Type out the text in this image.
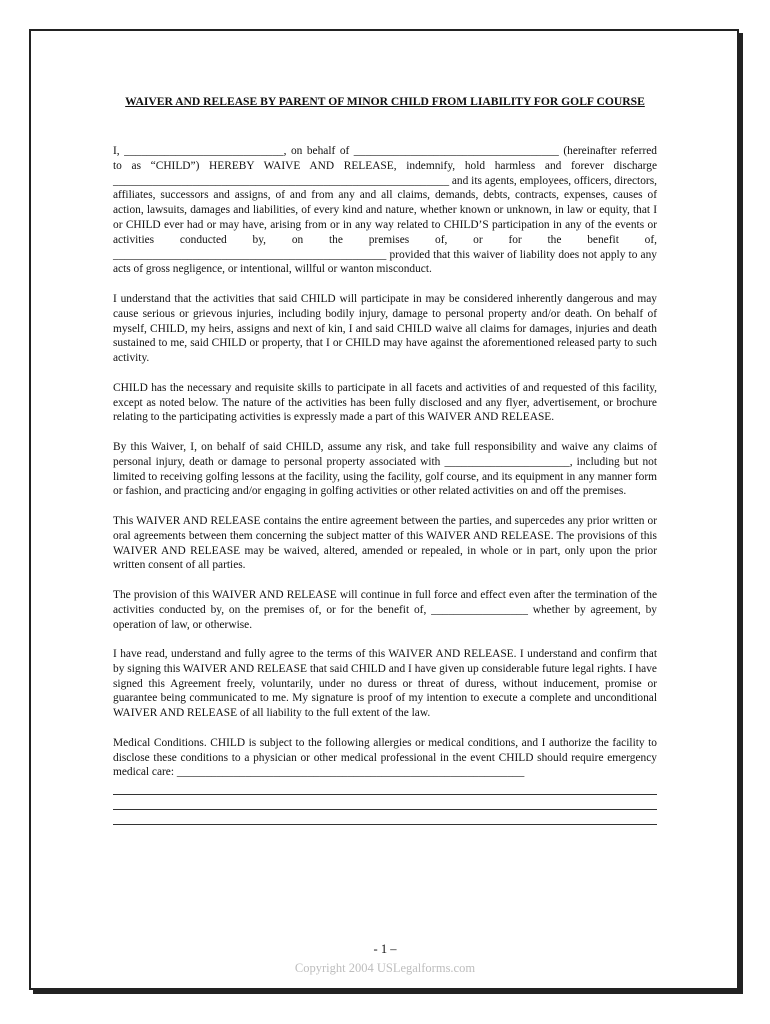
WAIVER AND RELEASE BY PARENT OF MINOR CHILD FROM LIABILITY FOR GOLF COURSE

I, ____________________________, on behalf of ____________________________________ (hereinafter referred to as “CHILD”) HEREBY WAIVE AND RELEASE, indemnify, hold harmless and forever discharge ___________________________________________________________ and its agents, employees, officers, directors, affiliates, successors and assigns, of and from any and all claims, demands, debts, contracts, expenses, causes of action, lawsuits, damages and liabilities, of every kind and nature, whether known or unknown, in law or equity, that I or CHILD ever had or may have, arising from or in any way related to CHILD’S participation in any of the events or activities conducted by, on the premises of, or for the benefit of, ________________________________________________ provided that this waiver of liability does not apply to any acts of gross negligence, or intentional, willful or wanton misconduct.

I understand that the activities that said CHILD will participate in may be considered inherently dangerous and may cause serious or grievous injuries, including bodily injury, damage to personal property and/or death. On behalf of myself, CHILD, my heirs, assigns and next of kin, I and said CHILD waive all claims for damages, injuries and death sustained to me, said CHILD or property, that I or CHILD may have against the aforementioned released party to such activity.

CHILD has the necessary and requisite skills to participate in all facets and activities of and requested of this facility, except as noted below. The nature of the activities has been fully disclosed and any flyer, advertisement, or brochure relating to the participating activities is expressly made a part of this WAIVER AND RELEASE.

By this Waiver, I, on behalf of said CHILD, assume any risk, and take full responsibility and waive any claims of personal injury, death or damage to personal property associated with ______________________, including but not limited to receiving golfing lessons at the facility, using the facility, golf course, and its equipment in any manner form or fashion, and practicing and/or engaging in golfing activities or other related activities on and off the premises.

This WAIVER AND RELEASE contains the entire agreement between the parties, and supercedes any prior written or oral agreements between them concerning the subject matter of this WAIVER AND RELEASE. The provisions of this WAIVER AND RELEASE may be waived, altered, amended or repealed, in whole or in part, only upon the prior written consent of all parties.

The provision of this WAIVER AND RELEASE will continue in full force and effect even after the termination of the activities conducted by, on the premises of, or for the benefit of, _________________ whether by agreement, by operation of law, or otherwise.

I have read, understand and fully agree to the terms of this WAIVER AND RELEASE. I understand and confirm that by signing this WAIVER AND RELEASE that said CHILD and I have given up considerable future legal rights. I have signed this Agreement freely, voluntarily, under no duress or threat of duress, without inducement, promise or guarantee being communicated to me. My signature is proof of my intention to execute a complete and unconditional WAIVER AND RELEASE of all liability to the full extent of the law.

Medical Conditions. CHILD is subject to the following allergies or medical conditions, and I authorize the facility to disclose these conditions to a physician or other medical professional in the event CHILD should require emergency medical care: _____________________________________________________________

- 1 –
Copyright 2004 USLegalforms.com
